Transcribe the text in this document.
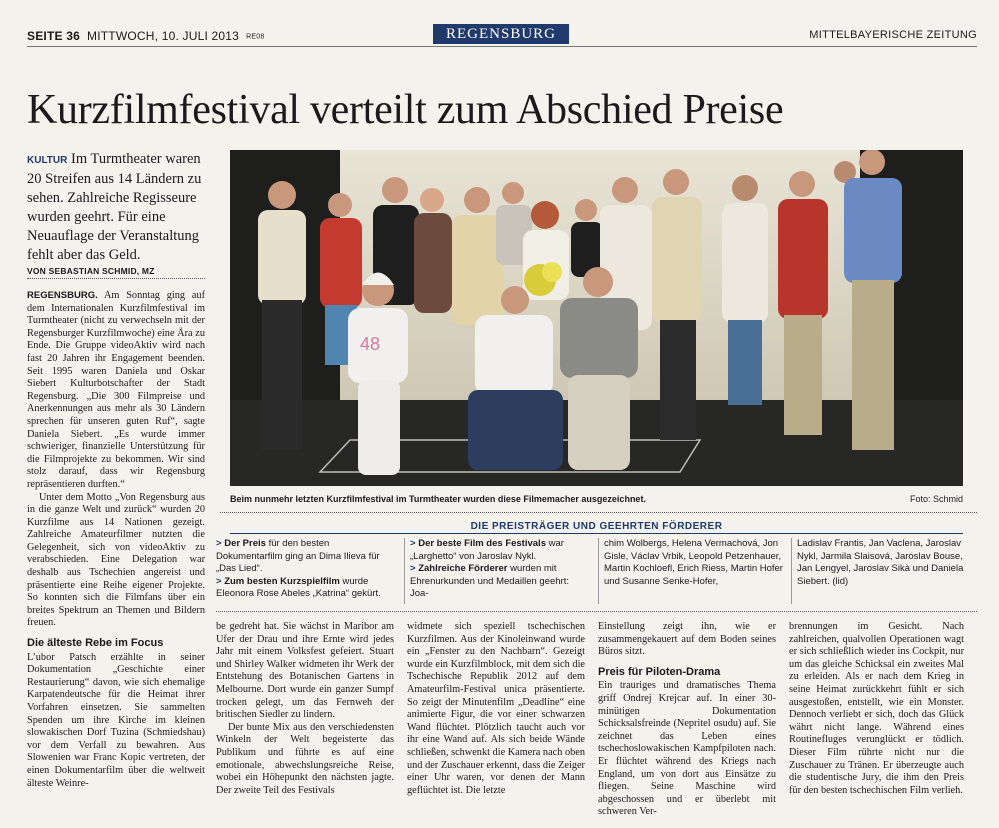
SEITE 36 MITTWOCH, 10. JULI 2013 RE08	REGENSBURG	MITTELBAYERISCHE ZEITUNG
Kurzfilmfestival verteilt zum Abschied Preise
KULTUR Im Turmtheater waren 20 Streifen aus 14 Ländern zu sehen. Zahlreiche Regisseure wurden geehrt. Für eine Neuauflage der Veranstaltung fehlt aber das Geld.
VON SEBASTIAN SCHMID, MZ

REGENSBURG. Am Sonntag ging auf dem Internationalen Kurzfilmfestival im Turmtheater (nicht zu verwechseln mit der Regensburger Kurzfilmwoche) eine Ära zu Ende. Die Gruppe videoAktiv wird nach fast 20 Jahren ihr Engagement beenden. Seit 1995 waren Daniela und Oskar Siebert Kulturbotschafter der Stadt Regensburg. „Die 300 Filmpreise und Anerkennungen aus mehr als 30 Ländern sprechen für unseren guten Ruf“, sagte Daniela Siebert. „Es wurde immer schwieriger, finanzielle Unterstützung für die Filmprojekte zu bekommen. Wir sind stolz darauf, dass wir Regensburg repräsentieren durften.“

Unter dem Motto „Von Regensburg aus in die ganze Welt und zurück“ wurden 20 Kurzfilme aus 14 Nationen gezeigt. Zahlreiche Amateurfilmer nutzten die Gelegenheit, sich von videoAktiv zu verabschieden. Eine Delegation war deshalb aus Tschechien angereist und präsentierte eine Reihe eigener Projekte. So konnten sich die Filmfans über ein breites Spektrum an Themen und Bildern freuen.

Die älteste Rebe im Focus

L’ubor Patsch erzählte in seiner Dokumentation „Geschichte einer Restaurierung“ davon, wie sich ehemalige Karpatendeutsche für die Heimat ihrer Vorfahren einsetzen. Sie sammelten Spenden um ihre Kirche im kleinen slowakischen Dorf Tuzina (Schmiedshau) vor dem Verfall zu bewahren. Aus Slowenien war Franc Kopic vertreten, der einen Dokumentarfilm über die weltweit älteste Weinre-

48
Beim nunmehr letzten Kurzfilmfestival im Turmtheater wurden diese Filmemacher ausgezeichnet.	Foto: Schmid
DIE PREISTRÄGER UND GEEHRTEN FÖRDERER
> Der Preis für den besten Dokumentarfilm ging an Dima Ilieva für „Das Lied“.
> Zum besten Kurzspielfilm wurde Eleonora Rose Abeles „Katrina“ gekürt.
> Der beste Film des Festivals war „Larghetto“ von Jaroslav Nykl.
> Zahlreiche Förderer wurden mit Ehrenurkunden und Medaillen geehrt: Joa-
chim Wolbergs, Helena Vermachová, Jon Gisle, Václav Vrbik, Leopold Petzenhauer, Martin Kochloefl, Erich Riess, Martin Hofer und Susanne Senke-Hofer,
Ladislav Frantis, Jan Vaclena, Jaroslav Nykl, Jarmila Slaisová, Jaroslav Bouse, Jan Lengyel, Jaroslav Sikà und Daniela Siebert. (lid)

be gedreht hat. Sie wächst in Maribor am Ufer der Drau und ihre Ernte wird jedes Jahr mit einem Volksfest gefeiert. Stuart und Shirley Walker widmeten ihr Werk der Entstehung des Botanischen Gartens in Melbourne. Dort wurde ein ganzer Sumpf trocken gelegt, um das Fernweh der britischen Siedler zu lindern.

Der bunte Mix aus den verschiedensten Winkeln der Welt begeisterte das Publikum und führte es auf eine emotionale, abwechslungsreiche Reise, wobei ein Höhepunkt den nächsten jagte. Der zweite Teil des Festivals

widmete sich speziell tschechischen Kurzfilmen. Aus der Kinoleinwand wurde ein „Fenster zu den Nachbarn“. Gezeigt wurde ein Kurzfilmblock, mit dem sich die Tschechische Republik 2012 auf dem Amateurfilm-Festival unica präsentierte. So zeigt der Minutenfilm „Deadline“ eine animierte Figur, die vor einer schwarzen Wand flüchtet. Plötzlich taucht auch vor ihr eine Wand auf. Als sich beide Wände schließen, schwenkt die Kamera nach oben und der Zuschauer erkennt, dass die Zeiger einer Uhr waren, vor denen der Mann geflüchtet ist. Die letzte

Einstellung zeigt ihn, wie er zusammengekauert auf dem Boden seines Büros sitzt.

Preis für Piloten-Drama

Ein trauriges und dramatisches Thema griff Ondrej Krejcar auf. In einer 30-minütigen Dokumentation Schicksalsfreinde (Nepritel osudu) auf. Sie zeichnet das Leben eines tschechoslowakischen Kampfpiloten nach. Er flüchtet während des Kriegs nach England, um von dort aus Einsätze zu fliegen. Seine Maschine wird abgeschossen und er überlebt mit schweren Ver-

brennungen im Gesicht. Nach zahlreichen, qualvollen Operationen wagt er sich schließlich wieder ins Cockpit, nur um das gleiche Schicksal ein zweites Mal zu erleiden. Als er nach dem Krieg in seine Heimat zurückkehrt fühlt er sich ausgestoßen, entstellt, wie ein Monster. Dennoch verliebt er sich, doch das Glück währt nicht lange. Während eines Routinefluges verunglückt er tödlich. Dieser Film rührte nicht nur die Zuschauer zu Tränen. Er überzeugte auch die studentische Jury, die ihm den Preis für den besten tschechischen Film verlieh.
